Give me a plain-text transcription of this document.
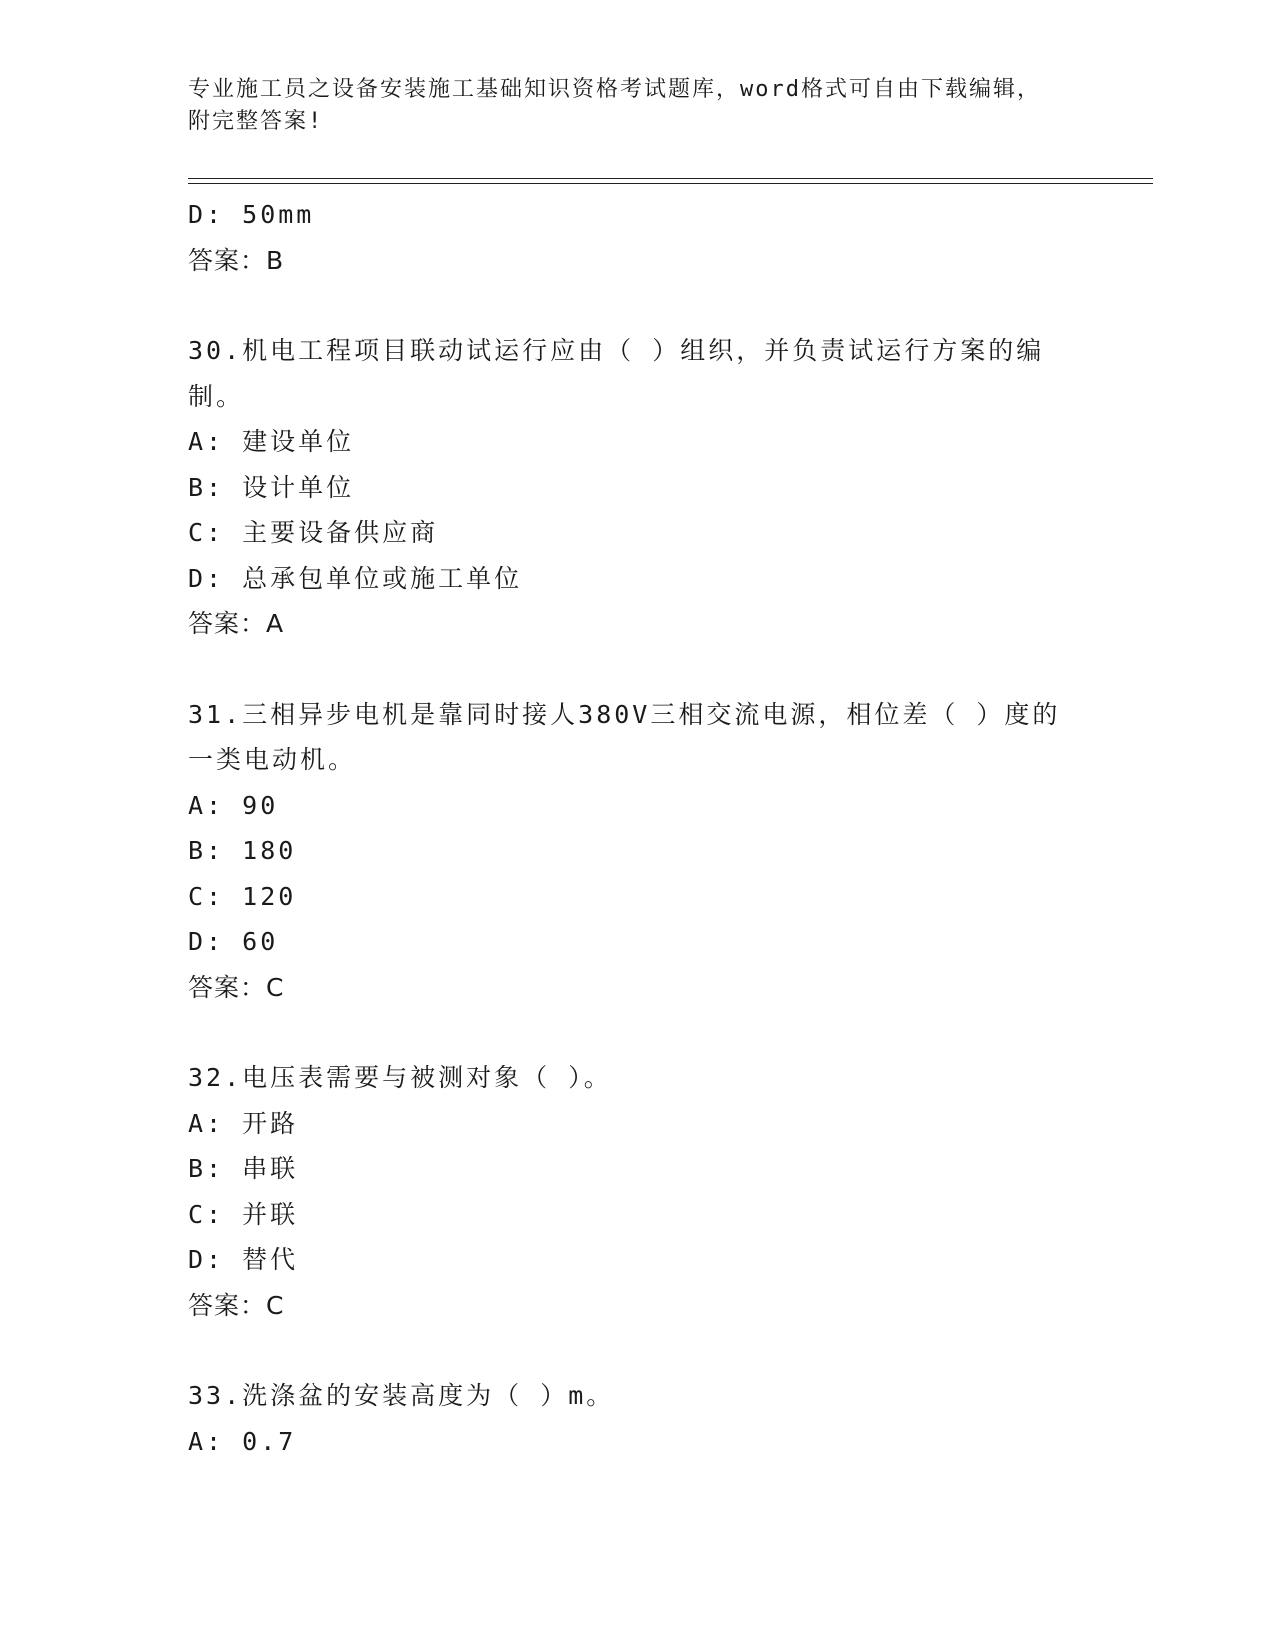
专业施工员之设备安装施工基础知识资格考试题库，word格式可自由下载编辑，
附完整答案!
D: 50mm
答案：B
30.机电工程项目联动试运行应由（ ）组织，并负责试运行方案的编
制。
A: 建设单位
B: 设计单位
C: 主要设备供应商
D: 总承包单位或施工单位
答案：A
31.三相异步电机是靠同时接人380V三相交流电源，相位差（ ）度的
一类电动机。
A: 90
B: 180
C: 120
D: 60
答案：C
32.电压表需要与被测对象（ ）。
A: 开路
B: 串联
C: 并联
D: 替代
答案：C
33.洗涤盆的安装高度为（ ）m。
A: 0.7
